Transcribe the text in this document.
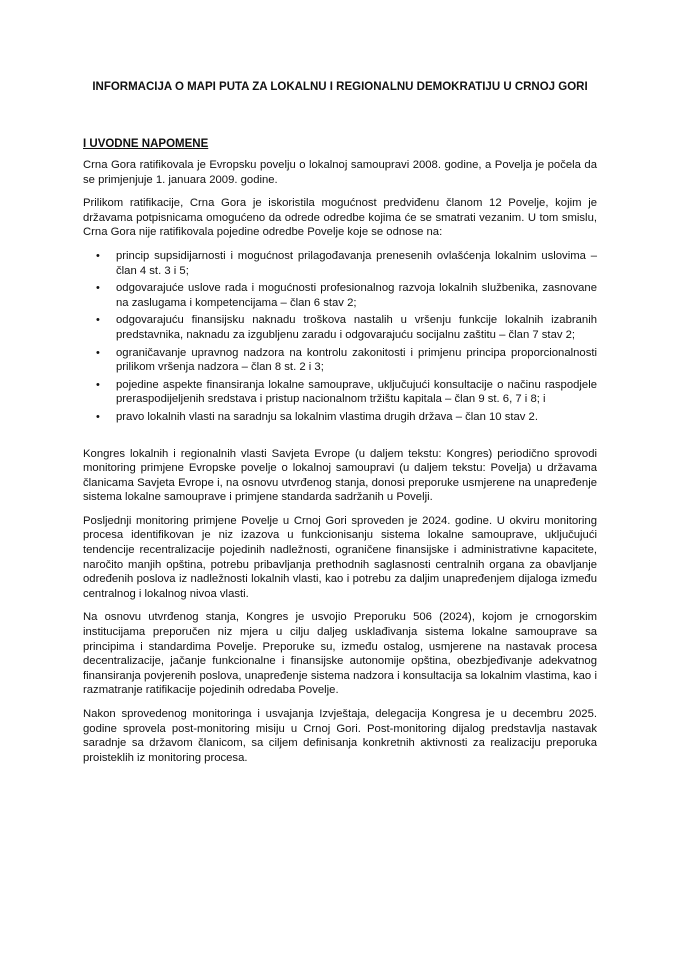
INFORMACIJA O MAPI PUTA ZA LOKALNU I REGIONALNU DEMOKRATIJU U CRNOJ GORI
I UVODNE NAPOMENE

Crna Gora ratifikovala je Evropsku povelju o lokalnoj samoupravi 2008. godine, a Povelja je počela da se primjenjuje 1. januara 2009. godine.

Prilikom ratifikacije, Crna Gora je iskoristila mogućnost predviđenu članom 12 Povelje, kojim je državama potpisnicama omogućeno da odrede odredbe kojima će se smatrati vezanim. U tom smislu, Crna Gora nije ratifikovala pojedine odredbe Povelje koje se odnose na:

• princip supsidijarnosti i mogućnost prilagođavanja prenesenih ovlašćenja lokalnim uslovima – član 4 st. 3 i 5;
• odgovarajuće uslove rada i mogućnosti profesionalnog razvoja lokalnih službenika, zasnovane na zaslugama i kompetencijama – član 6 stav 2;
• odgovarajuću finansijsku naknadu troškova nastalih u vršenju funkcije lokalnih izabranih predstavnika, naknadu za izgubljenu zaradu i odgovarajuću socijalnu zaštitu – član 7 stav 2;
• ograničavanje upravnog nadzora na kontrolu zakonitosti i primjenu principa proporcionalnosti prilikom vršenja nadzora – član 8 st. 2 i 3;
• pojedine aspekte finansiranja lokalne samouprave, uključujući konsultacije o načinu raspodjele preraspodijeljenih sredstava i pristup nacionalnom tržištu kapitala – član 9 st. 6, 7 i 8; i
• pravo lokalnih vlasti na saradnju sa lokalnim vlastima drugih država – član 10 stav 2.

Kongres lokalnih i regionalnih vlasti Savjeta Evrope (u daljem tekstu: Kongres) periodično sprovodi monitoring primjene Evropske povelje o lokalnoj samoupravi (u daljem tekstu: Povelja) u državama članicama Savjeta Evrope i, na osnovu utvrđenog stanja, donosi preporuke usmjerene na unapređenje sistema lokalne samouprave i primjene standarda sadržanih u Povelji.

Posljednji monitoring primjene Povelje u Crnoj Gori sproveden je 2024. godine. U okviru monitoring procesa identifikovan je niz izazova u funkcionisanju sistema lokalne samouprave, uključujući tendencije recentralizacije pojedinih nadležnosti, ograničene finansijske i administrativne kapacitete, naročito manjih opština, potrebu pribavljanja prethodnih saglasnosti centralnih organa za obavljanje određenih poslova iz nadležnosti lokalnih vlasti, kao i potrebu za daljim unapređenjem dijaloga između centralnog i lokalnog nivoa vlasti.

Na osnovu utvrđenog stanja, Kongres je usvojio Preporuku 506 (2024), kojom je crnogorskim institucijama preporučen niz mjera u cilju daljeg usklađivanja sistema lokalne samouprave sa principima i standardima Povelje. Preporuke su, između ostalog, usmjerene na nastavak procesa decentralizacije, jačanje funkcionalne i finansijske autonomije opština, obezbjeđivanje adekvatnog finansiranja povjerenih poslova, unapređenje sistema nadzora i konsultacija sa lokalnim vlastima, kao i razmatranje ratifikacije pojedinih odredaba Povelje.

Nakon sprovedenog monitoringa i usvajanja Izvještaja, delegacija Kongresa je u decembru 2025. godine sprovela post-monitoring misiju u Crnoj Gori. Post-monitoring dijalog predstavlja nastavak saradnje sa državom članicom, sa ciljem definisanja konkretnih aktivnosti za realizaciju preporuka proisteklih iz monitoring procesa.
